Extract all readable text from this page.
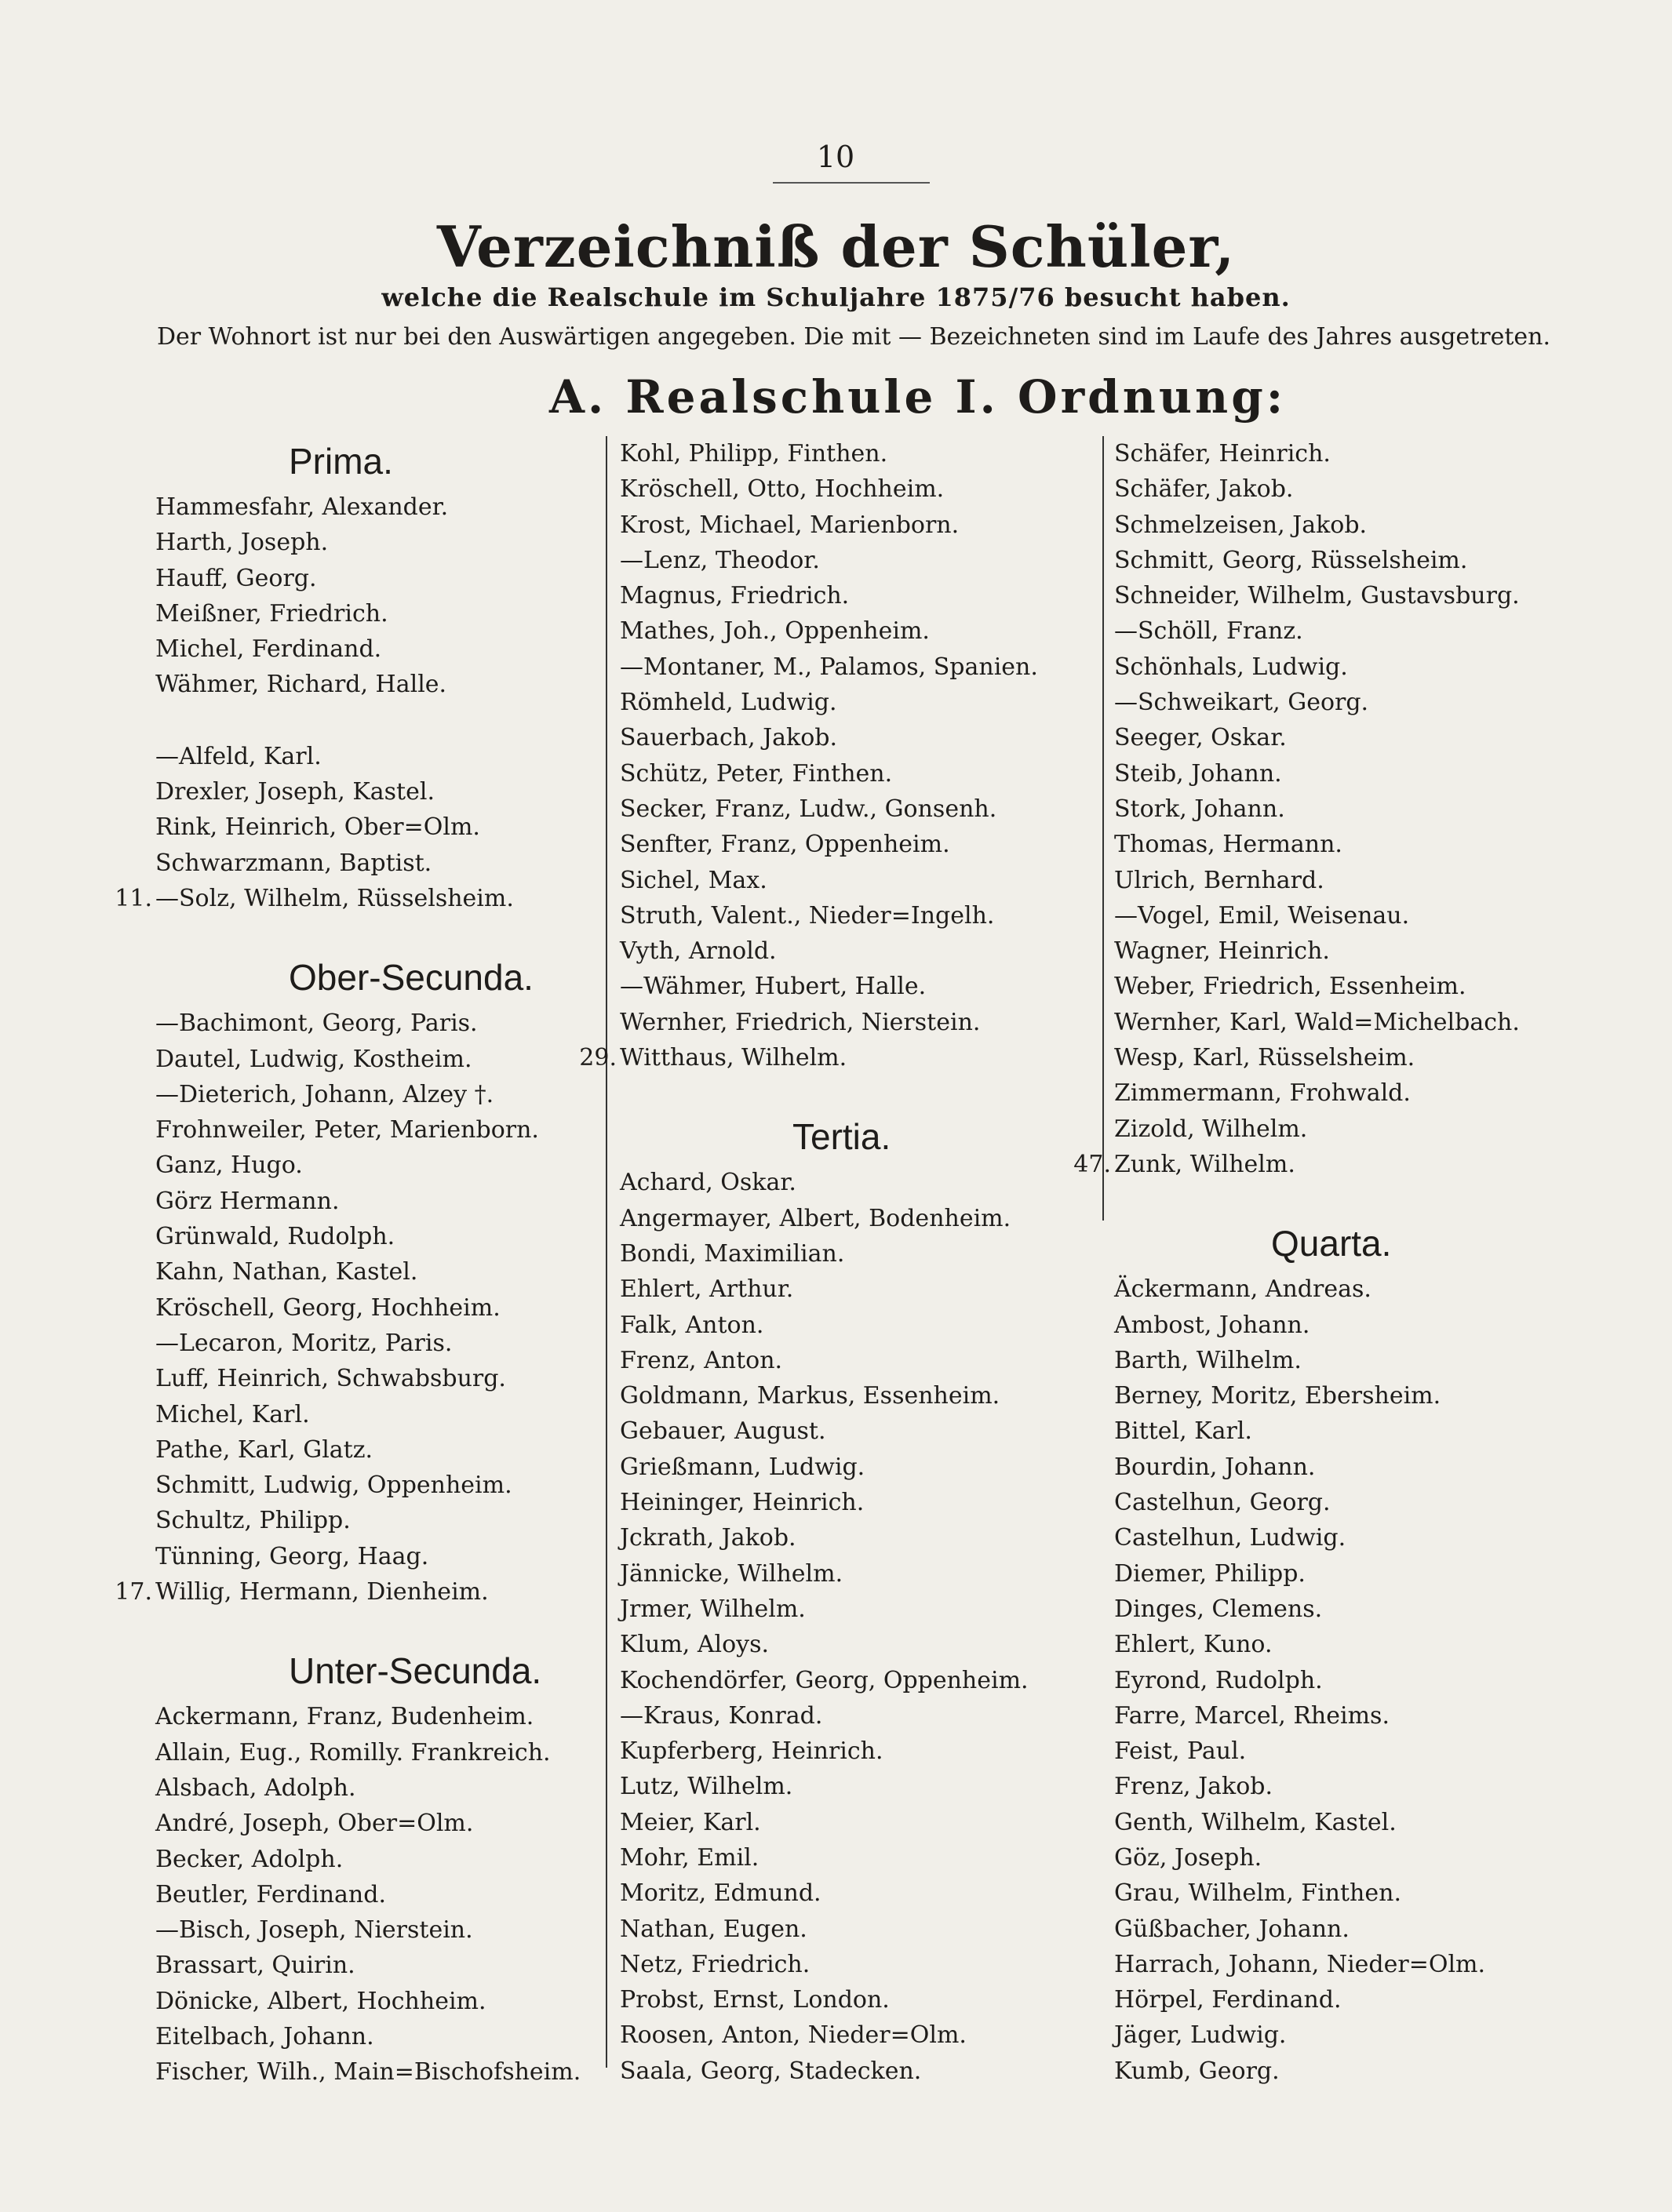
10
Verzeichniß der Schüler,
welche die Realschule im Schuljahre 1875/76 besucht haben.
Der Wohnort ist nur bei den Auswärtigen angegeben. Die mit — Bezeichneten sind im Laufe des Jahres ausgetreten.
A. Realschule I. Ordnung:
Prima.
Hammesfahr, Alexander.
Harth, Joseph.
Hauff, Georg.
Meißner, Friedrich.
Michel, Ferdinand.
Wähmer, Richard, Halle.
—Alfeld, Karl.
Drexler, Joseph, Kastel.
Rink, Heinrich, Ober=Olm.
Schwarzmann, Baptist.
11. —Solz, Wilhelm, Rüsselsheim.
Ober-Secunda.
—Bachimont, Georg, Paris.
Dautel, Ludwig, Kostheim.
—Dieterich, Johann, Alzey †.
Frohnweiler, Peter, Marienborn.
Ganz, Hugo.
Görz Hermann.
Grünwald, Rudolph.
Kahn, Nathan, Kastel.
Kröschell, Georg, Hochheim.
—Lecaron, Moritz, Paris.
Luff, Heinrich, Schwabsburg.
Michel, Karl.
Pathe, Karl, Glatz.
Schmitt, Ludwig, Oppenheim.
Schultz, Philipp.
Tünning, Georg, Haag.
17. Willig, Hermann, Dienheim.
Unter-Secunda.
Ackermann, Franz, Budenheim.
Allain, Eug., Romilly. Frankreich.
Alsbach, Adolph.
André, Joseph, Ober=Olm.
Becker, Adolph.
Beutler, Ferdinand.
—Bisch, Joseph, Nierstein.
Brassart, Quirin.
Dönicke, Albert, Hochheim.
Eitelbach, Johann.
Fischer, Wilh., Main=Bischofsheim.
Kohl, Philipp, Finthen.
Kröschell, Otto, Hochheim.
Krost, Michael, Marienborn.
—Lenz, Theodor.
Magnus, Friedrich.
Mathes, Joh., Oppenheim.
—Montaner, M., Palamos, Spanien.
Römheld, Ludwig.
Sauerbach, Jakob.
Schütz, Peter, Finthen.
Secker, Franz, Ludw., Gonsenh.
Senfter, Franz, Oppenheim.
Sichel, Max.
Struth, Valent., Nieder=Ingelh.
Vyth, Arnold.
—Wähmer, Hubert, Halle.
Wernher, Friedrich, Nierstein.
29. Witthaus, Wilhelm.
Tertia.
Achard, Oskar.
Angermayer, Albert, Bodenheim.
Bondi, Maximilian.
Ehlert, Arthur.
Falk, Anton.
Frenz, Anton.
Goldmann, Markus, Essenheim.
Gebauer, August.
Grießmann, Ludwig.
Heininger, Heinrich.
Jckrath, Jakob.
Jännicke, Wilhelm.
Jrmer, Wilhelm.
Klum, Aloys.
Kochendörfer, Georg, Oppenheim.
—Kraus, Konrad.
Kupferberg, Heinrich.
Lutz, Wilhelm.
Meier, Karl.
Mohr, Emil.
Moritz, Edmund.
Nathan, Eugen.
Netz, Friedrich.
Probst, Ernst, London.
Roosen, Anton, Nieder=Olm.
Saala, Georg, Stadecken.
Schäfer, Heinrich.
Schäfer, Jakob.
Schmelzeisen, Jakob.
Schmitt, Georg, Rüsselsheim.
Schneider, Wilhelm, Gustavsburg.
—Schöll, Franz.
Schönhals, Ludwig.
—Schweikart, Georg.
Seeger, Oskar.
Steib, Johann.
Stork, Johann.
Thomas, Hermann.
Ulrich, Bernhard.
—Vogel, Emil, Weisenau.
Wagner, Heinrich.
Weber, Friedrich, Essenheim.
Wernher, Karl, Wald=Michelbach.
Wesp, Karl, Rüsselsheim.
Zimmermann, Frohwald.
Zizold, Wilhelm.
47. Zunk, Wilhelm.
Quarta.
Äckermann, Andreas.
Ambost, Johann.
Barth, Wilhelm.
Berney, Moritz, Ebersheim.
Bittel, Karl.
Bourdin, Johann.
Castelhun, Georg.
Castelhun, Ludwig.
Diemer, Philipp.
Dinges, Clemens.
Ehlert, Kuno.
Eyrond, Rudolph.
Farre, Marcel, Rheims.
Feist, Paul.
Frenz, Jakob.
Genth, Wilhelm, Kastel.
Göz, Joseph.
Grau, Wilhelm, Finthen.
Güßbacher, Johann.
Harrach, Johann, Nieder=Olm.
Hörpel, Ferdinand.
Jäger, Ludwig.
Kumb, Georg.
